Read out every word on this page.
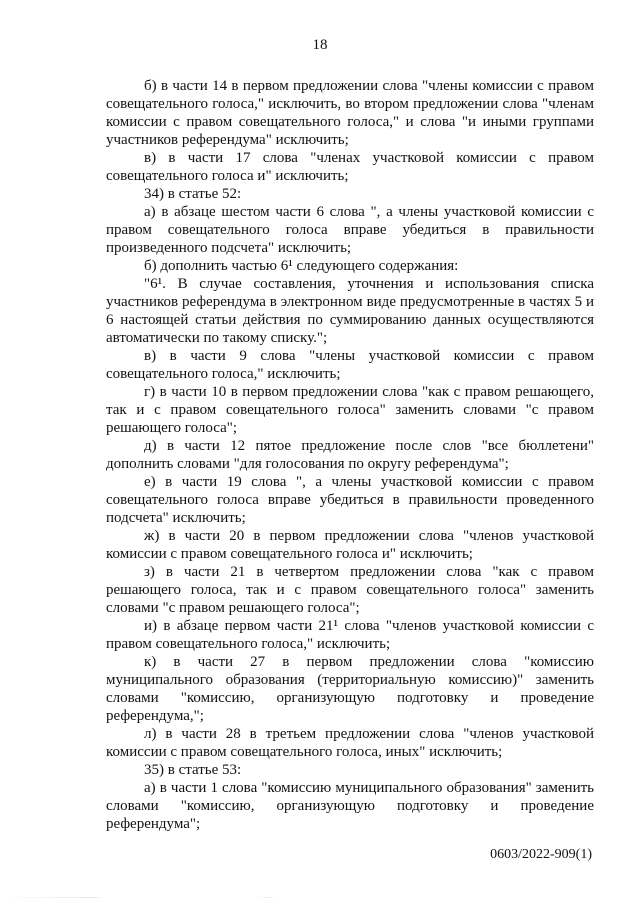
18

б) в части 14 в первом предложении слова "члены комиссии с правом совещательного голоса," исключить, во втором предложении слова "членам комиссии с правом совещательного голоса," и слова "и иными группами участников референдума" исключить;

в) в части 17 слова "членах участковой комиссии с правом совещательного голоса и" исключить;

34) в статье 52:

а) в абзаце шестом части 6 слова ", а члены участковой комиссии с правом совещательного голоса вправе убедиться в правильности произведенного подсчета" исключить;

б) дополнить частью 6¹ следующего содержания:

"6¹. В случае составления, уточнения и использования списка участников референдума в электронном виде предусмотренные в частях 5 и 6 настоящей статьи действия по суммированию данных осуществляются автоматически по такому списку.";

в) в части 9 слова "члены участковой комиссии с правом совещательного голоса," исключить;

г) в части 10 в первом предложении слова "как с правом решающего, так и с правом совещательного голоса" заменить словами "с правом решающего голоса";

д) в части 12 пятое предложение после слов "все бюллетени" дополнить словами "для голосования по округу референдума";

е) в части 19 слова ", а члены участковой комиссии с правом совещательного голоса вправе убедиться в правильности проведенного подсчета" исключить;

ж) в части 20 в первом предложении слова "членов участковой комиссии с правом совещательного голоса и" исключить;

з) в части 21 в четвертом предложении слова "как с правом решающего голоса, так и с правом совещательного голоса" заменить словами "с правом решающего голоса";

и) в абзаце первом части 21¹ слова "членов участковой комиссии с правом совещательного голоса," исключить;

к) в части 27 в первом предложении слова "комиссию муниципального образования (территориальную комиссию)" заменить словами "комиссию, организующую подготовку и проведение референдума,";

л) в части 28 в третьем предложении слова "членов участковой комиссии с правом совещательного голоса, иных" исключить;

35) в статье 53:

а) в части 1 слова "комиссию муниципального образования" заменить словами "комиссию, организующую подготовку и проведение референдума";

0603/2022-909(1)
